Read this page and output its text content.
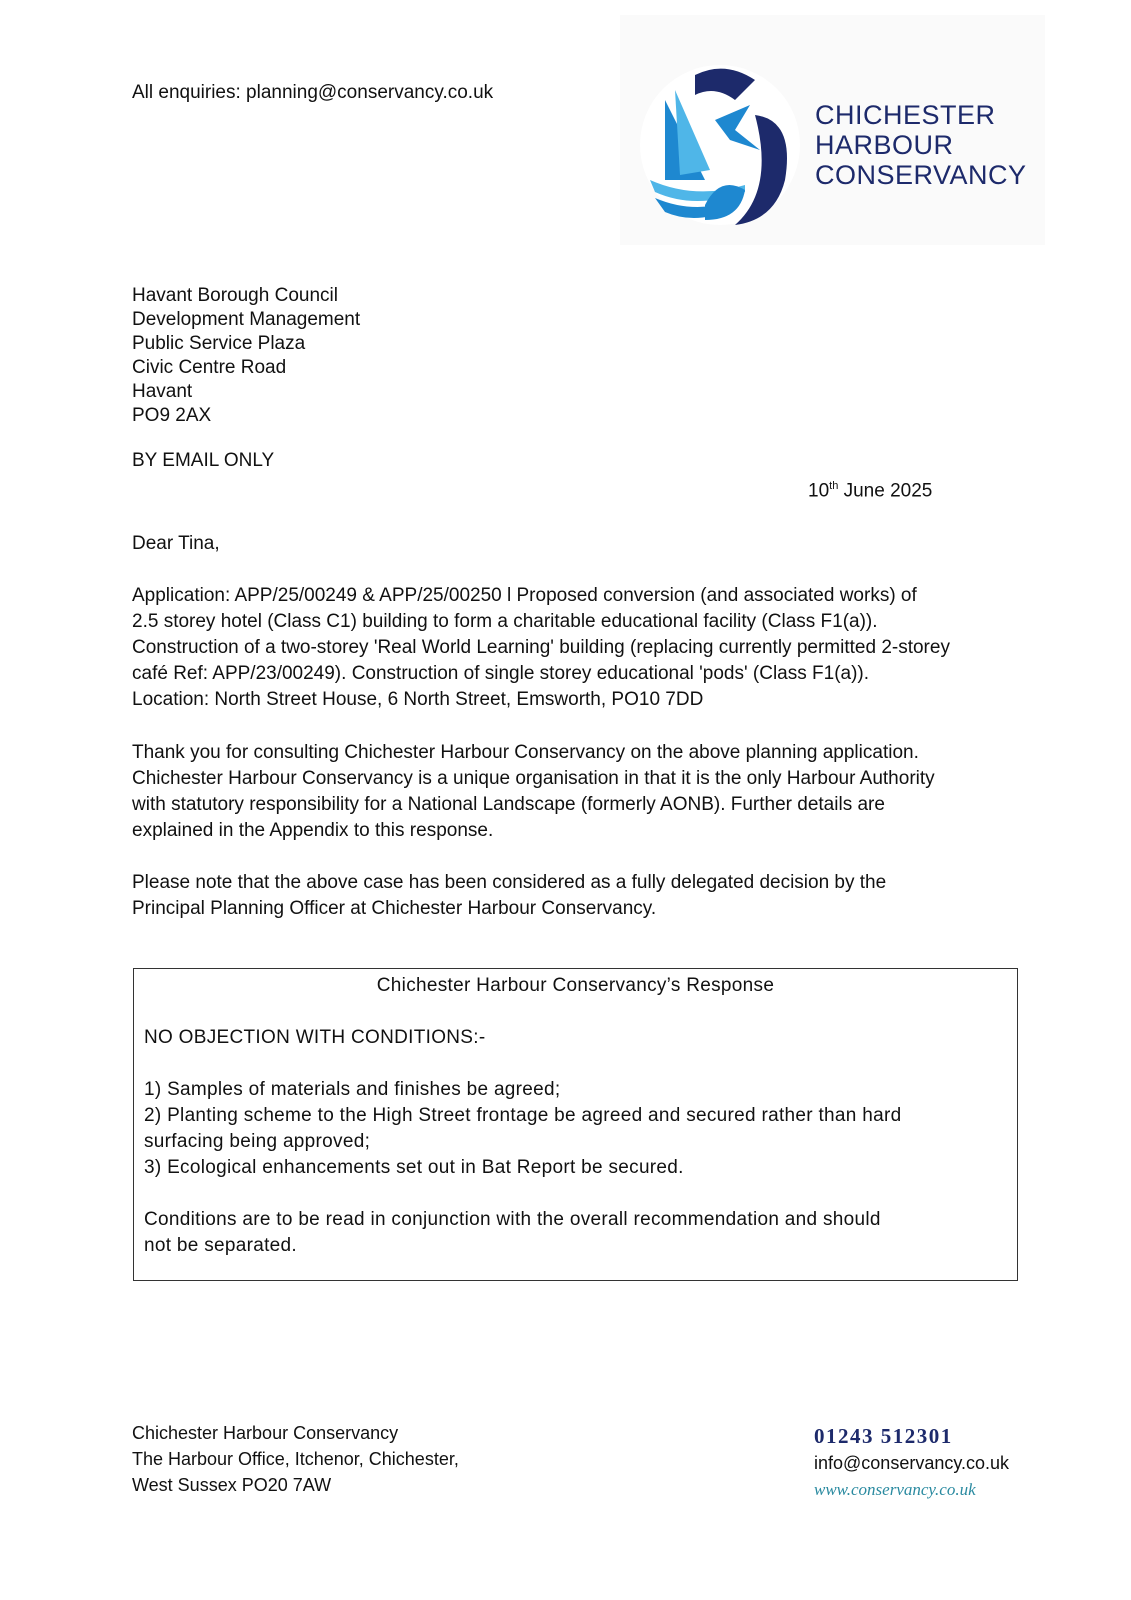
All enquiries: planning@conservancy.co.uk
CHICHESTER
HARBOUR
CONSERVANCY
Havant Borough Council
Development Management
Public Service Plaza
Civic Centre Road
Havant
PO9 2AX
BY EMAIL ONLY
10th June 2025
Dear Tina,
Application: APP/25/00249 & APP/25/00250 l Proposed conversion (and associated works) of
2.5 storey hotel (Class C1) building to form a charitable educational facility (Class F1(a)).
Construction of a two-storey 'Real World Learning' building (replacing currently permitted 2-storey
café Ref: APP/23/00249). Construction of single storey educational 'pods' (Class F1(a)).
Location: North Street House, 6 North Street, Emsworth, PO10 7DD
Thank you for consulting Chichester Harbour Conservancy on the above planning application.
Chichester Harbour Conservancy is a unique organisation in that it is the only Harbour Authority
with statutory responsibility for a National Landscape (formerly AONB). Further details are
explained in the Appendix to this response.
Please note that the above case has been considered as a fully delegated decision by the
Principal Planning Officer at Chichester Harbour Conservancy.
Chichester Harbour Conservancy’s Response
NO OBJECTION WITH CONDITIONS:-
1) Samples of materials and finishes be agreed;
2) Planting scheme to the High Street frontage be agreed and secured rather than hard
surfacing being approved;
3) Ecological enhancements set out in Bat Report be secured.
Conditions are to be read in conjunction with the overall recommendation and should
not be separated.
Chichester Harbour Conservancy
The Harbour Office, Itchenor, Chichester,
West Sussex PO20 7AW
01243 512301
info@conservancy.co.uk
www.conservancy.co.uk
